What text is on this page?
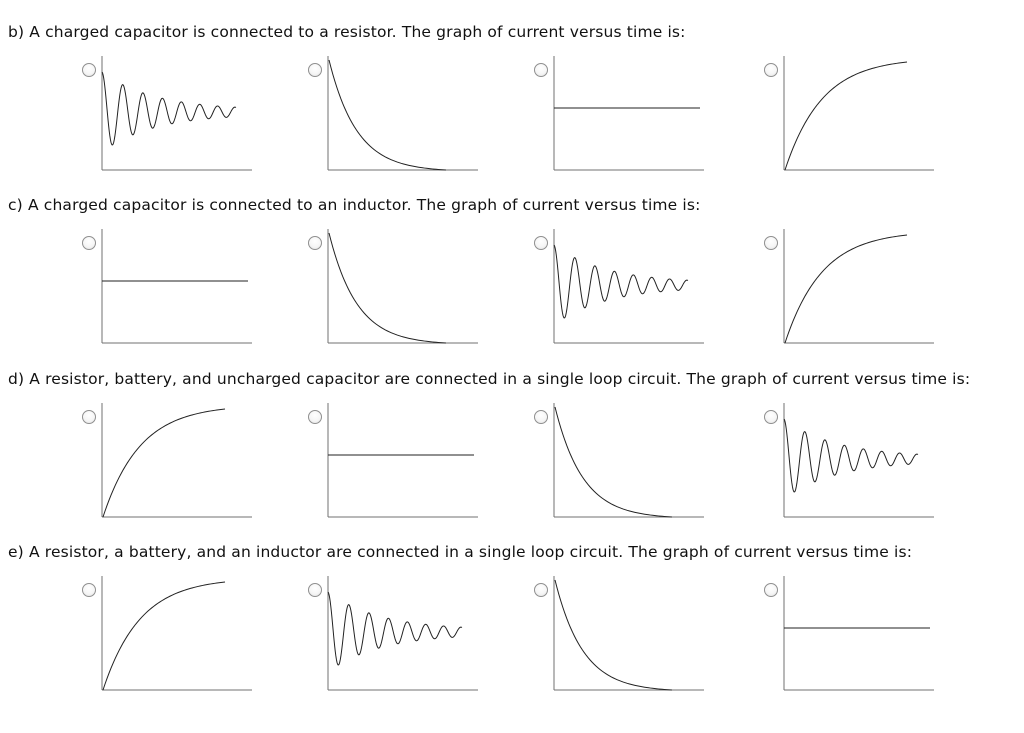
b) A charged capacitor is connected to a resistor. The graph of current versus time is:
c) A charged capacitor is connected to an inductor. The graph of current versus time is:
d) A resistor, battery, and uncharged capacitor are connected in a single loop circuit. The graph of current versus time is:
e) A resistor, a battery, and an inductor are connected in a single loop circuit. The graph of current versus time is:
